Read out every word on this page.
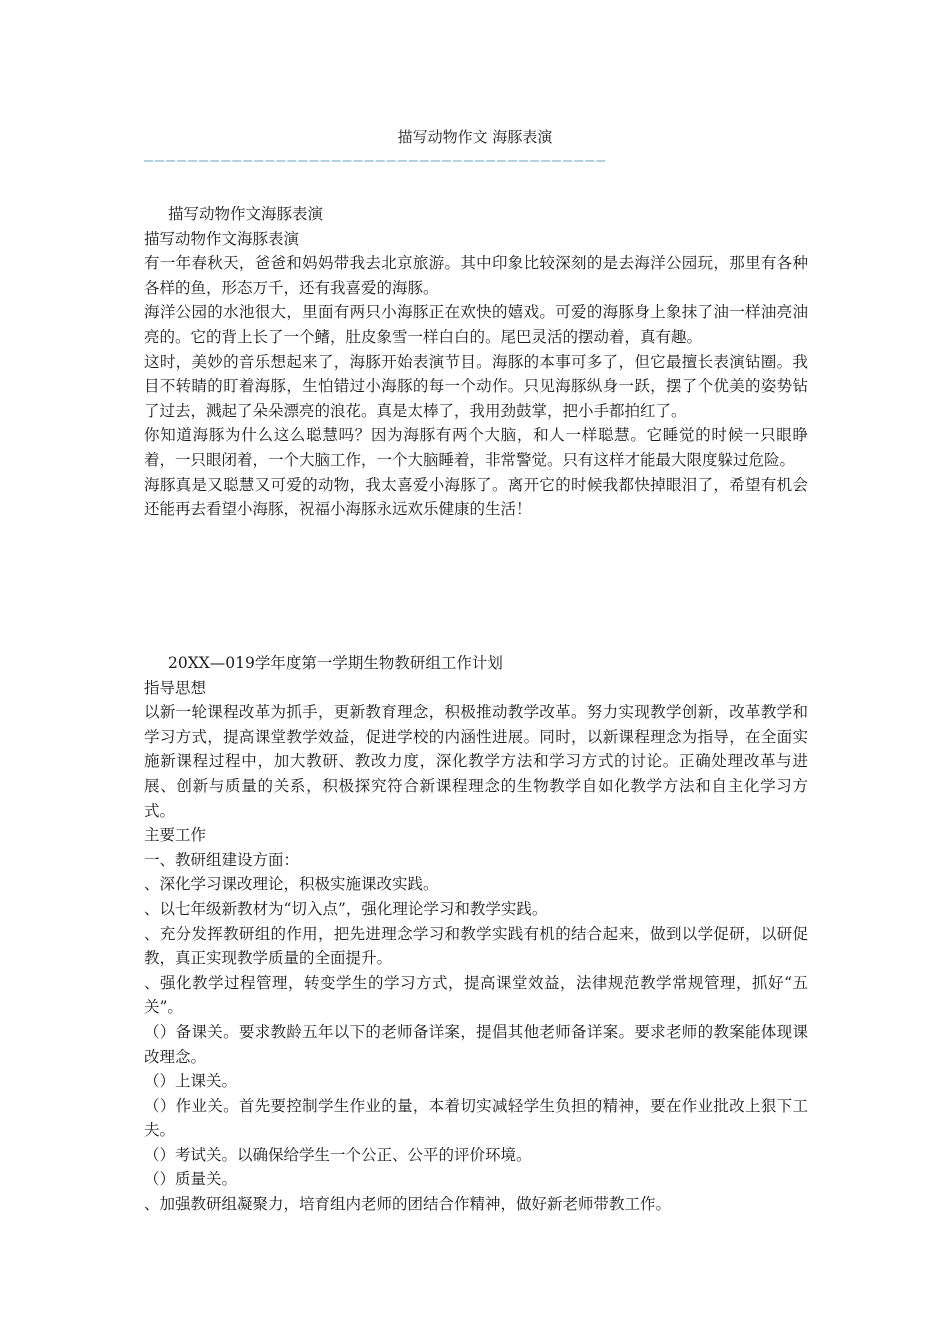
描写动物作文 海豚表演
——————————————————————————————————————————

描写动物作文海豚表演

描写动物作文海豚表演

有一年春秋天，爸爸和妈妈带我去北京旅游。其中印象比较深刻的是去海洋公园玩，那里有各种各样的鱼，形态万千，还有我喜爱的海豚。

海洋公园的水池很大，里面有两只小海豚正在欢快的嬉戏。可爱的海豚身上象抹了油一样油亮油亮的。它的背上长了一个鳍，肚皮象雪一样白白的。尾巴灵活的摆动着，真有趣。

这时，美妙的音乐想起来了，海豚开始表演节目。海豚的本事可多了，但它最擅长表演钻圈。我目不转睛的盯着海豚，生怕错过小海豚的每一个动作。只见海豚纵身一跃，摆了个优美的姿势钻了过去，溅起了朵朵漂亮的浪花。真是太棒了，我用劲鼓掌，把小手都拍红了。

你知道海豚为什么这么聪慧吗？因为海豚有两个大脑，和人一样聪慧。它睡觉的时候一只眼睁着，一只眼闭着，一个大脑工作，一个大脑睡着，非常警觉。只有这样才能最大限度躲过危险。

海豚真是又聪慧又可爱的动物，我太喜爱小海豚了。离开它的时候我都快掉眼泪了，希望有机会还能再去看望小海豚，祝福小海豚永远欢乐健康的生活！

20XX—019学年度第一学期生物教研组工作计划

指导思想

以新一轮课程改革为抓手，更新教育理念，积极推动教学改革。努力实现教学创新，改革教学和学习方式，提高课堂教学效益，促进学校的内涵性进展。同时，以新课程理念为指导，在全面实施新课程过程中，加大教研、教改力度，深化教学方法和学习方式的讨论。正确处理改革与进展、创新与质量的关系，积极探究符合新课程理念的生物教学自如化教学方法和自主化学习方式。

主要工作

一、教研组建设方面：

、深化学习课改理论，积极实施课改实践。

、以七年级新教材为“切入点”，强化理论学习和教学实践。

、充分发挥教研组的作用，把先进理念学习和教学实践有机的结合起来，做到以学促研，以研促教，真正实现教学质量的全面提升。

、强化教学过程管理，转变学生的学习方式，提高课堂效益，法律规范教学常规管理，抓好“五关”。

（）备课关。要求教龄五年以下的老师备详案，提倡其他老师备详案。要求老师的教案能体现课改理念。

（）上课关。

（）作业关。首先要控制学生作业的量，本着切实减轻学生负担的精神，要在作业批改上狠下工夫。

（）考试关。以确保给学生一个公正、公平的评价环境。

（）质量关。

、加强教研组凝聚力，培育组内老师的团结合作精神，做好新老师带教工作。
